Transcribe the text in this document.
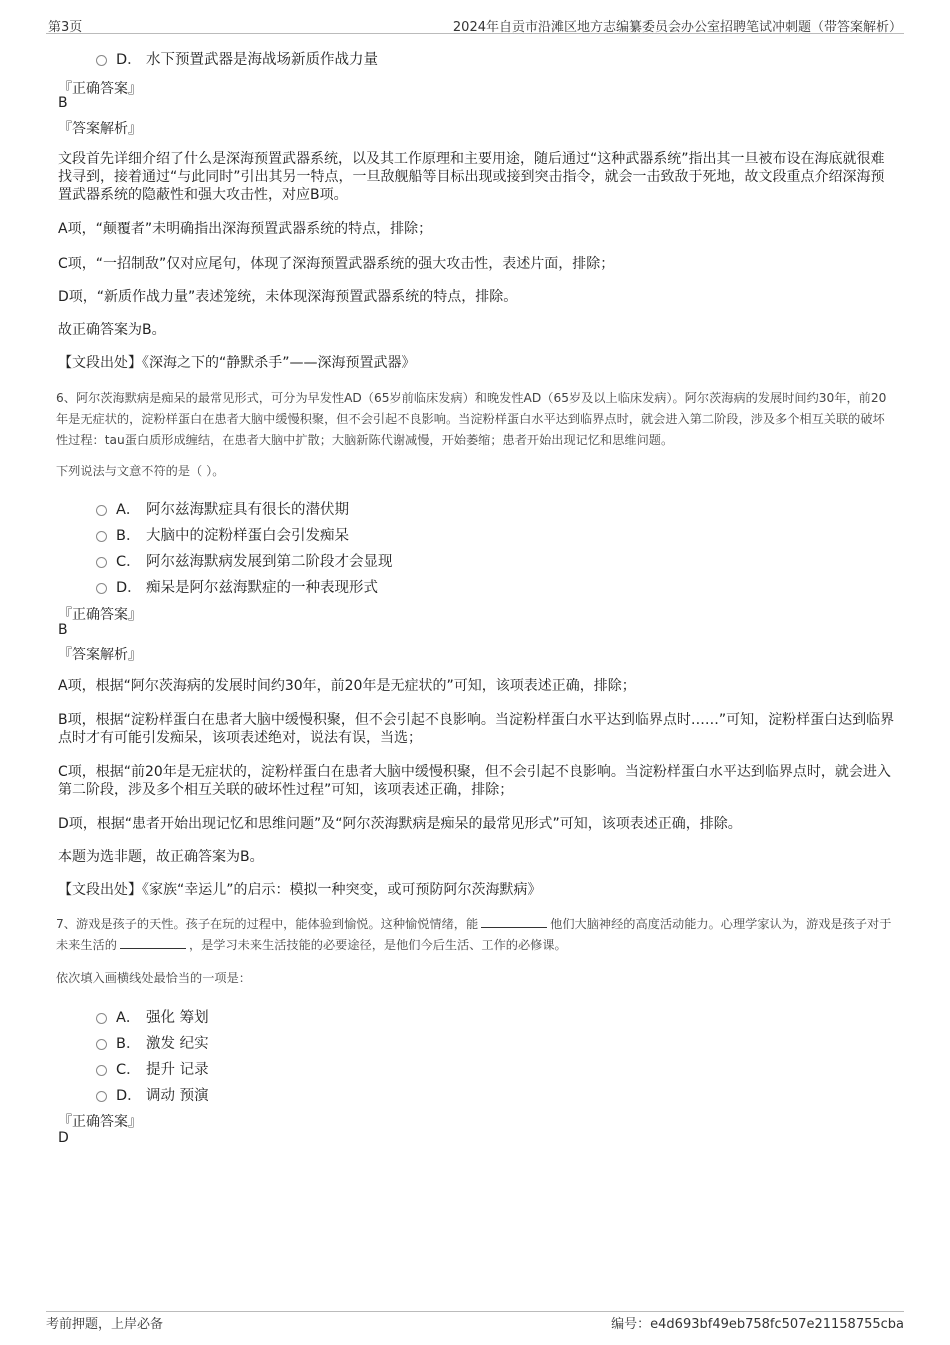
第3页	2024年自贡市沿滩区地方志编纂委员会办公室招聘笔试冲刺题（带答案解析）
D． 水下预置武器是海战场新质作战力量
『正确答案』
B
『答案解析』
文段首先详细介绍了什么是深海预置武器系统，以及其工作原理和主要用途，随后通过“这种武器系统”指出其一旦被布设在海底就很难找寻到，接着通过“与此同时”引出其另一特点，一旦敌舰船等目标出现或接到突击指令，就会一击致敌于死地，故文段重点介绍深海预置武器系统的隐蔽性和强大攻击性，对应B项。
A项，“颠覆者”未明确指出深海预置武器系统的特点，排除；
C项，“一招制敌”仅对应尾句，体现了深海预置武器系统的强大攻击性，表述片面，排除；
D项，“新质作战力量”表述笼统，未体现深海预置武器系统的特点，排除。
故正确答案为B。
【文段出处】《深海之下的“静默杀手”——深海预置武器》
6、阿尔茨海默病是痴呆的最常见形式，可分为早发性AD（65岁前临床发病）和晚发性AD（65岁及以上临床发病）。阿尔茨海病的发展时间约30年，前20年是无症状的，淀粉样蛋白在患者大脑中缓慢积聚，但不会引起不良影响。当淀粉样蛋白水平达到临界点时，就会进入第二阶段，涉及多个相互关联的破坏性过程：tau蛋白质形成缠结，在患者大脑中扩散；大脑新陈代谢减慢，开始萎缩；患者开始出现记忆和思维问题。
下列说法与文意不符的是（ ）。
A． 阿尔兹海默症具有很长的潜伏期
B． 大脑中的淀粉样蛋白会引发痴呆
C． 阿尔兹海默病发展到第二阶段才会显现
D． 痴呆是阿尔兹海默症的一种表现形式
『正确答案』
B
『答案解析』
A项，根据“阿尔茨海病的发展时间约30年，前20年是无症状的”可知，该项表述正确，排除；
B项，根据“淀粉样蛋白在患者大脑中缓慢积聚，但不会引起不良影响。当淀粉样蛋白水平达到临界点时……”可知，淀粉样蛋白达到临界点时才有可能引发痴呆，该项表述绝对，说法有误，当选；
C项，根据“前20年是无症状的，淀粉样蛋白在患者大脑中缓慢积聚，但不会引起不良影响。当淀粉样蛋白水平达到临界点时，就会进入第二阶段，涉及多个相互关联的破坏性过程”可知，该项表述正确，排除；
D项，根据“患者开始出现记忆和思维问题”及“阿尔茨海默病是痴呆的最常见形式”可知，该项表述正确，排除。
本题为选非题，故正确答案为B。
【文段出处】《家族“幸运儿”的启示：模拟一种突变，或可预防阿尔茨海默病》
7、游戏是孩子的天性。孩子在玩的过程中，能体验到愉悦。这种愉悦情绪，能	他们大脑神经的高度活动能力。心理学家认为，游戏是孩子对于未来生活的	，是学习未来生活技能的必要途径，是他们今后生活、工作的必修课。
依次填入画横线处最恰当的一项是：
A． 强化 筹划
B． 激发 纪实
C． 提升 记录
D． 调动 预演
『正确答案』
D
考前押题，上岸必备	编号：e4d693bf49eb758fc507e21158755cba
